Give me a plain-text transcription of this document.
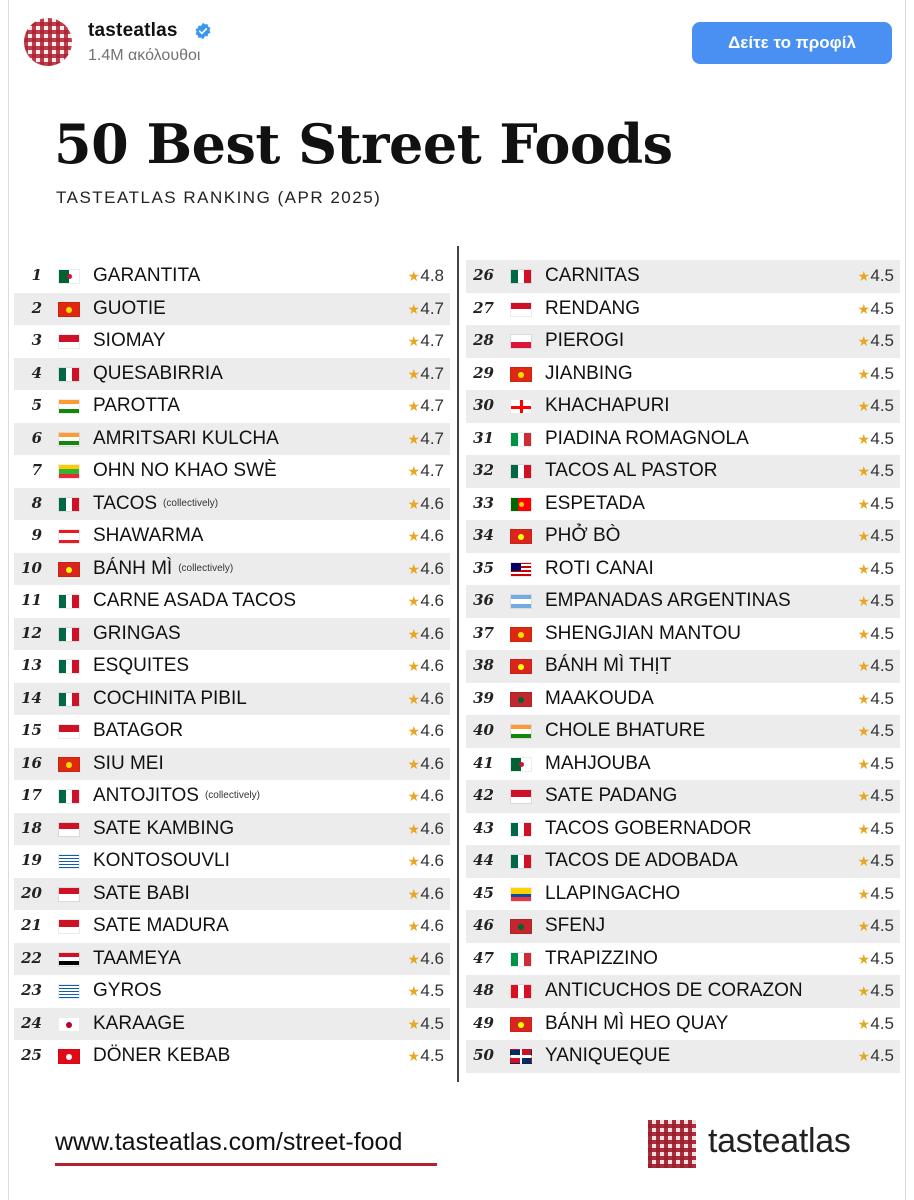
tasteatlas
1.4M ακόλουθοι
Δείτε το προφίλ
50 Best Street Foods
TASTEATLAS RANKING (APR 2025)
1	GARANTITA	★ 4.8
2	GUOTIE	★ 4.7
3	SIOMAY	★ 4.7
4	QUESABIRRIA	★ 4.7
5	PAROTTA	★ 4.7
6	AMRITSARI KULCHA	★ 4.7
7	OHN NO KHAO SWÈ	★ 4.7
8	TACOS (collectively)	★ 4.6
9	SHAWARMA	★ 4.6
10	BÁNH MÌ (collectively)	★ 4.6
11	CARNE ASADA TACOS	★ 4.6
12	GRINGAS	★ 4.6
13	ESQUITES	★ 4.6
14	COCHINITA PIBIL	★ 4.6
15	BATAGOR	★ 4.6
16	SIU MEI	★ 4.6
17	ANTOJITOS (collectively)	★ 4.6
18	SATE KAMBING	★ 4.6
19	KONTOSOUVLI	★ 4.6
20	SATE BABI	★ 4.6
21	SATE MADURA	★ 4.6
22	TAAMEYA	★ 4.6
23	GYROS	★ 4.5
24	KARAAGE	★ 4.5
25	DÖNER KEBAB	★ 4.5
26	CARNITAS	★ 4.5
27	RENDANG	★ 4.5
28	PIEROGI	★ 4.5
29	JIANBING	★ 4.5
30	KHACHAPURI	★ 4.5
31	PIADINA ROMAGNOLA	★ 4.5
32	TACOS AL PASTOR	★ 4.5
33	ESPETADA	★ 4.5
34	PHỞ BÒ	★ 4.5
35	ROTI CANAI	★ 4.5
36	EMPANADAS ARGENTINAS	★ 4.5
37	SHENGJIAN MANTOU	★ 4.5
38	BÁNH MÌ THỊT	★ 4.5
39	MAAKOUDA	★ 4.5
40	CHOLE BHATURE	★ 4.5
41	MAHJOUBA	★ 4.5
42	SATE PADANG	★ 4.5
43	TACOS GOBERNADOR	★ 4.5
44	TACOS DE ADOBADA	★ 4.5
45	LLAPINGACHO	★ 4.5
46	SFENJ	★ 4.5
47	TRAPIZZINO	★ 4.5
48	ANTICUCHOS DE CORAZON	★ 4.5
49	BÁNH MÌ HEO QUAY	★ 4.5
50	YANIQUEQUE	★ 4.5
www.tasteatlas.com/street-food	tasteatlas
